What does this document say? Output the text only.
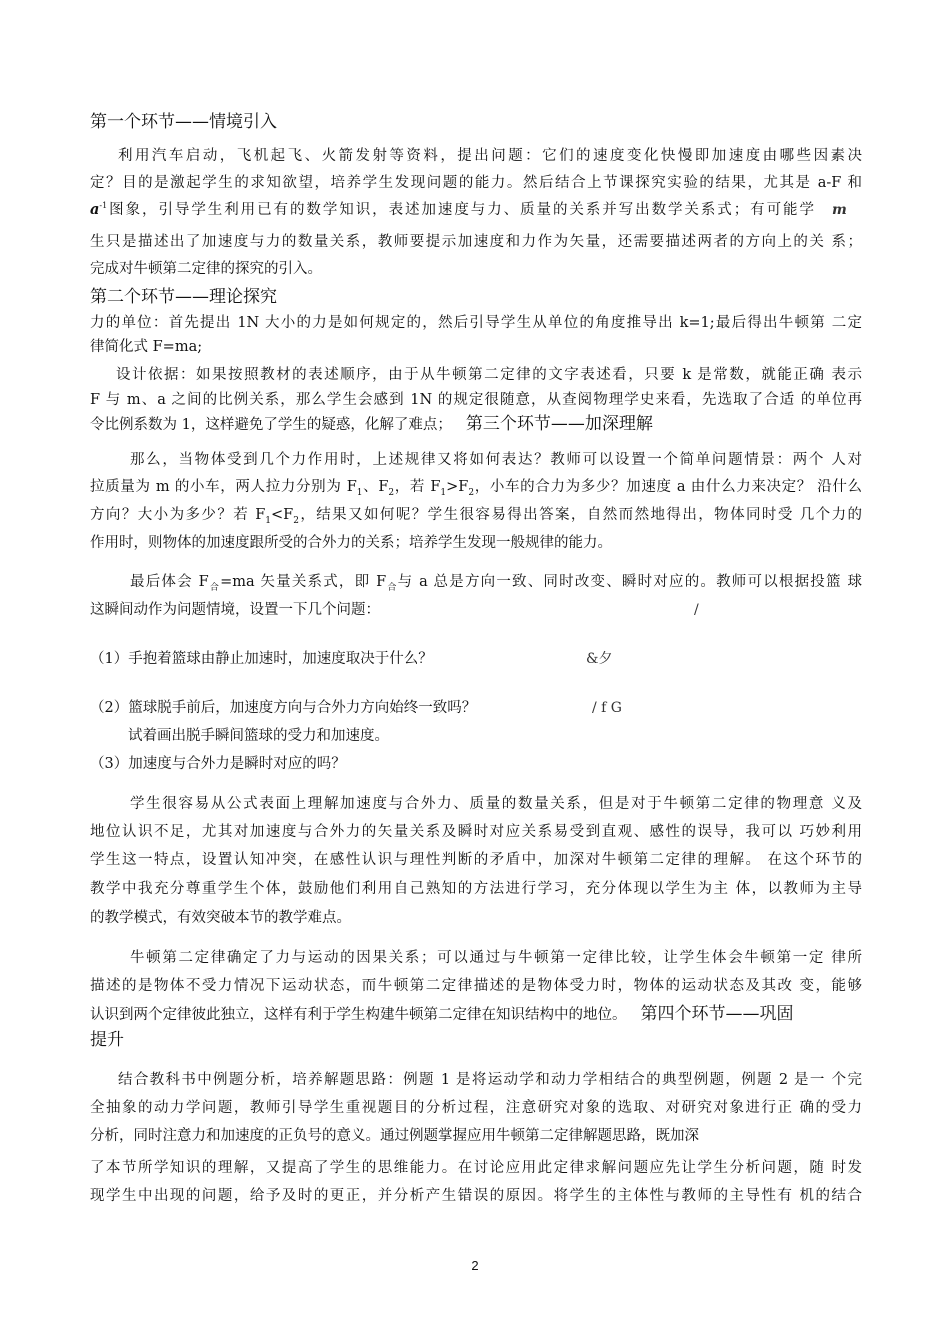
第一个环节——情境引入
利用汽车启动，飞机起飞、火箭发射等资料，提出问题：它们的速度变化快慢即加速度由哪些因素决
定？目的是激起学生的求知欲望，培养学生发现问题的能力。然后结合上节课探究实验的结果，尤其是 a-F 和
$a^{-1}$图象，引导学生利用已有的数学知识，表述加速度与力、质量的关系并写出数学关系式；有可能学 m
生只是描述出了加速度与力的数量关系，教师要提示加速度和力作为矢量，还需要描述两者的方向上的关 系；
完成对牛顿第二定律的探究的引入。
第二个环节——理论探究
力的单位：首先提出 1N 大小的力是如何规定的，然后引导学生从单位的角度推导出 k=1;最后得出牛顿第 二定
律简化式 F=ma;
设计依据：如果按照教材的表述顺序，由于从牛顿第二定律的文字表述看，只要 k 是常数，就能正确 表示
F 与 m、a 之间的比例关系，那么学生会感到 1N 的规定很随意，从查阅物理学史来看，先选取了合适 的单位再
令比例系数为 1，这样避免了学生的疑惑，化解了难点； 第三个环节——加深理解
那么，当物体受到几个力作用时，上述规律又将如何表达？教师可以设置一个简单问题情景：两个 人对
拉质量为 m 的小车，两人拉力分别为 $F_1$、$F_2$，若 $F_1>F_2$，小车的合力为多少？加速度 a 由什么力来决定？ 沿什么
方向？大小为多少？若 $F_1<F_2$，结果又如何呢？学生很容易得出答案，自然而然地得出，物体同时受 几个力的
作用时，则物体的加速度跟所受的合外力的关系；培养学生发现一般规律的能力。
最后体会 $F_合=ma$ 矢量关系式，即 $F_合$与 a 总是方向一致、同时改变、瞬时对应的。教师可以根据投篮 球
这瞬间动作为问题情境，设置一下几个问题：	/
（1）手抱着篮球由静止加速时，加速度取决于什么？	&夕
（2）篮球脱手前后，加速度方向与合外力方向始终一致吗？	/ f G
试着画出脱手瞬间篮球的受力和加速度。
（3）加速度与合外力是瞬时对应的吗？
学生很容易从公式表面上理解加速度与合外力、质量的数量关系，但是对于牛顿第二定律的物理意 义及
地位认识不足，尤其对加速度与合外力的矢量关系及瞬时对应关系易受到直观、感性的误导，我可以 巧妙利用
学生这一特点，设置认知冲突，在感性认识与理性判断的矛盾中，加深对牛顿第二定律的理解。 在这个环节的
教学中我充分尊重学生个体，鼓励他们利用自己熟知的方法进行学习，充分体现以学生为主 体，以教师为主导
的教学模式，有效突破本节的教学难点。
牛顿第二定律确定了力与运动的因果关系；可以通过与牛顿第一定律比较，让学生体会牛顿第一定 律所
描述的是物体不受力情况下运动状态，而牛顿第二定律描述的是物体受力时，物体的运动状态及其改 变，能够
认识到两个定律彼此独立，这样有利于学生构建牛顿第二定律在知识结构中的地位。 第四个环节——巩固
提升
结合教科书中例题分析，培养解题思路：例题 1 是将运动学和动力学相结合的典型例题，例题 2 是一 个完
全抽象的动力学问题，教师引导学生重视题目的分析过程，注意研究对象的选取、对研究对象进行正 确的受力
分析，同时注意力和加速度的正负号的意义。通过例题掌握应用牛顿第二定律解题思路，既加深
了本节所学知识的理解，又提高了学生的思维能力。在讨论应用此定律求解问题应先让学生分析问题，随 时发
现学生中出现的问题，给予及时的更正，并分析产生错误的原因。将学生的主体性与教师的主导性有 机的结合
2
